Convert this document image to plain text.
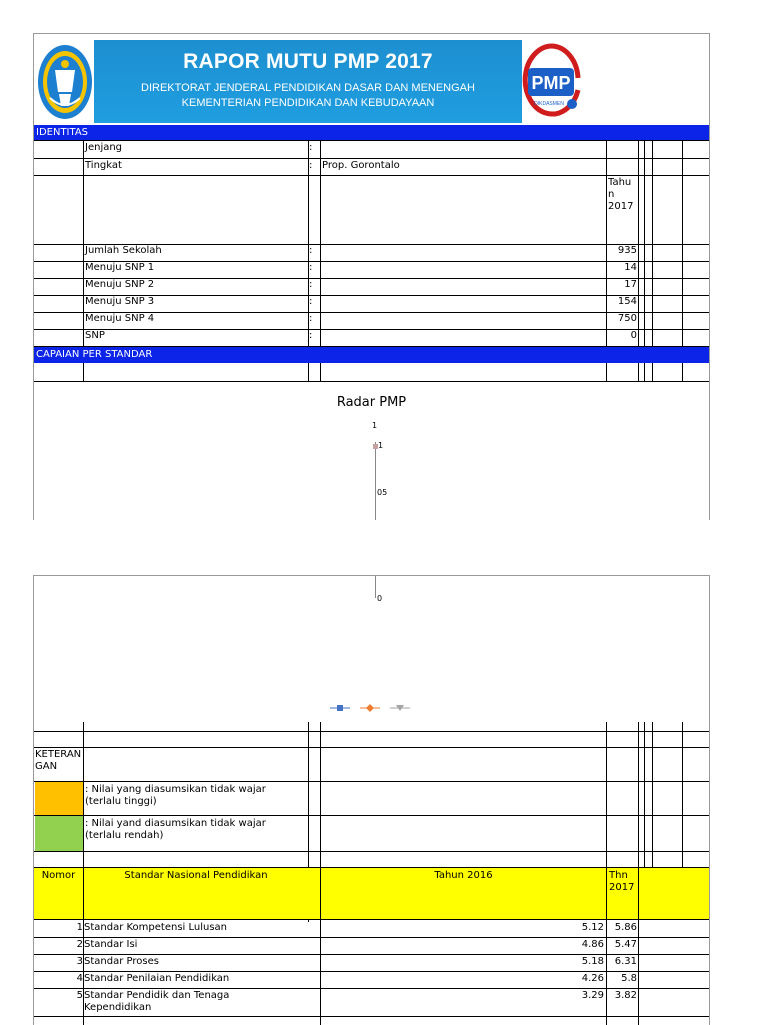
RAPOR MUTU PMP 2017
DIREKTORAT JENDERAL PENDIDIKAN DASAR DAN MENENGAH
KEMENTERIAN PENDIDIKAN DAN KEBUDAYAAN
PMP
DIKDASMEN
IDENTITAS
Jenjang	:
Tingkat	: Prop. Gorontalo
Tahu
n
2017
Jumlah Sekolah	:	935
Menuju SNP 1	:	14
Menuju SNP 2	:	17
Menuju SNP 3	:	154
Menuju SNP 4	:	750
SNP	:	0
CAPAIAN PER STANDAR
Radar PMP
1
1
05
0
KETERAN
GAN
: Nilai yang diasumsikan tidak wajar
(terlalu tinggi)
: Nilai yand diasumsikan tidak wajar
(terlalu rendah)
Nomor	Standar Nasional Pendidikan	Tahun 2016	Thn
2017
1 Standar Kompetensi Lulusan	5.12	5.86
2 Standar Isi	4.86	5.47
3 Standar Proses	5.18	6.31
4 Standar Penilaian Pendidikan	4.26	5.8
5 Standar Pendidik dan Tenaga
Kependidikan
3.29	3.82
